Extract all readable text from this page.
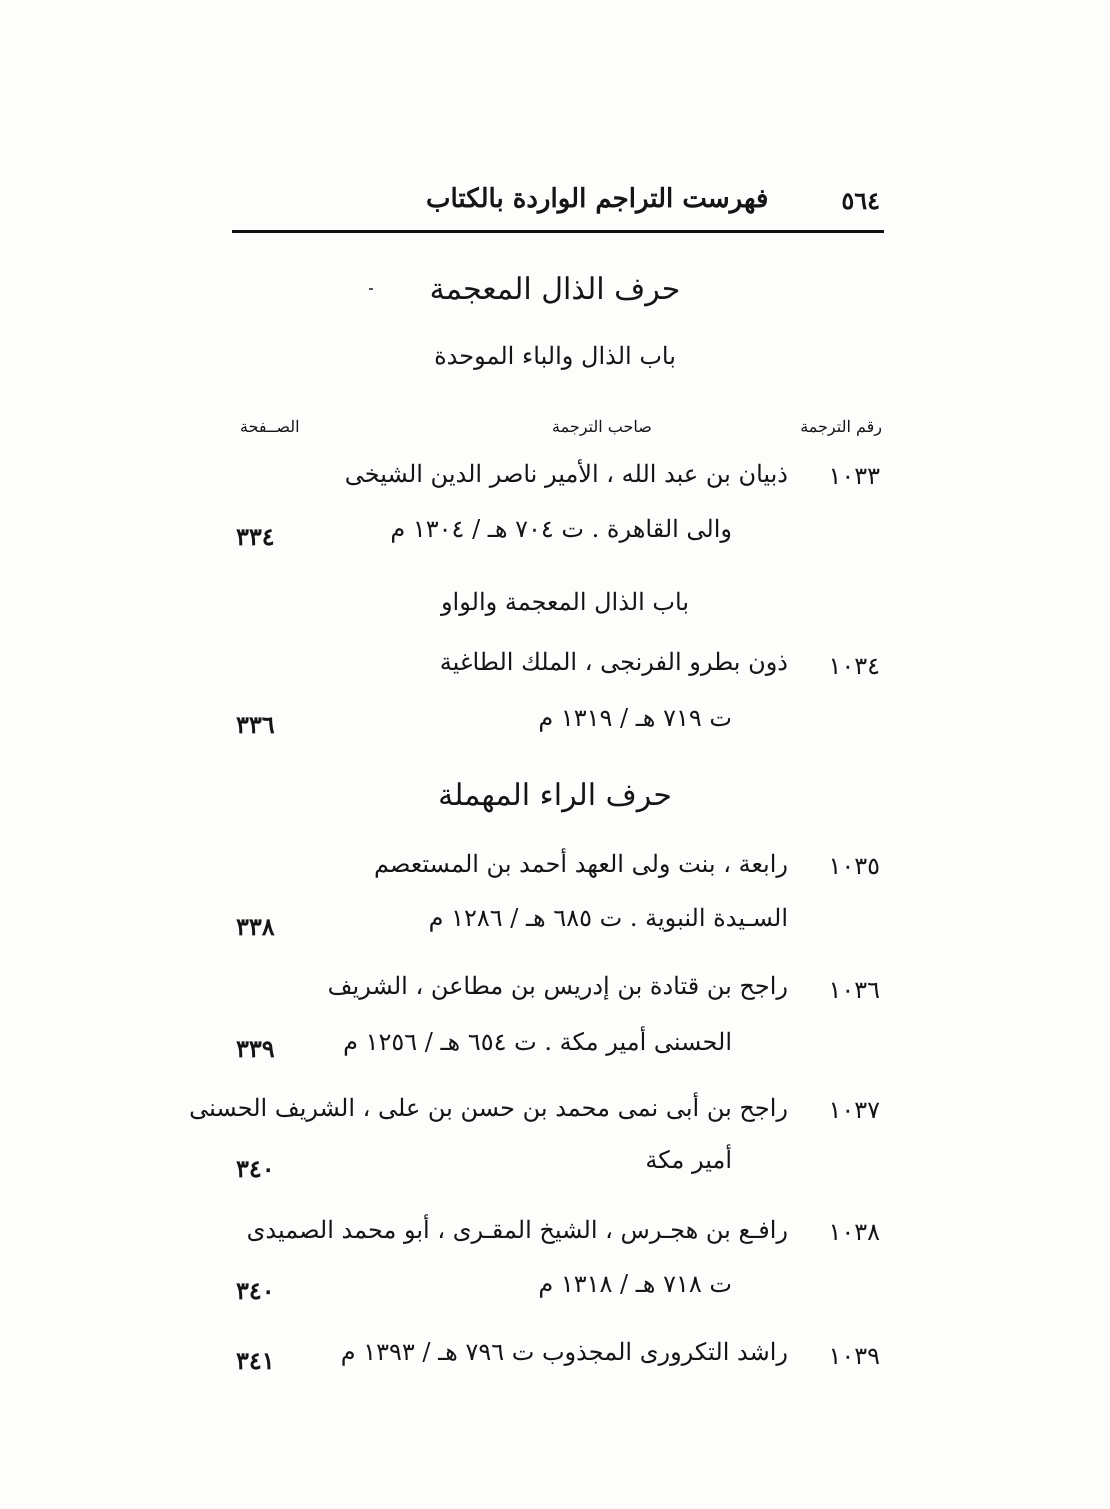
٥٦٤
فهرست التراجم الواردة بالكتاب
حرف الذال المعجمة
باب الذال والباء الموحدة
رقم الترجمة
صاحب الترجمة
الصــفحة
١٠٣٣
ذبيان بن عبد الله ، الأمير ناصر الدين الشيخى
والى القاهرة . ت ٧٠٤ هـ / ١٣٠٤ م
٣٣٤
باب الذال المعجمة والواو
١٠٣٤
ذون بطرو الفرنجى ، الملك الطاغية
ت ٧١٩ هـ / ١٣١٩ م
٣٣٦
حرف الراء المهملة
١٠٣٥
رابعة ، بنت ولى العهد أحمد بن المستعصم
السـيدة النبوية . ت ٦٨٥ هـ / ١٢٨٦ م
٣٣٨
١٠٣٦
راجح بن قتادة بن إدريس بن مطاعن ، الشريف
الحسنى أمير مكة . ت ٦٥٤ هـ / ١٢٥٦ م
٣٣٩
١٠٣٧
راجح بن أبى نمى محمد بن حسن بن على ، الشريف الحسنى
أمير مكة
٣٤٠
١٠٣٨
رافـع بن هجـرس ، الشيخ المقـرى ، أبو محمد الصميدى
ت ٧١٨ هـ / ١٣١٨ م
٣٤٠
١٠٣٩
راشد التكرورى المجذوب ت ٧٩٦ هـ / ١٣٩٣ م
٣٤١
